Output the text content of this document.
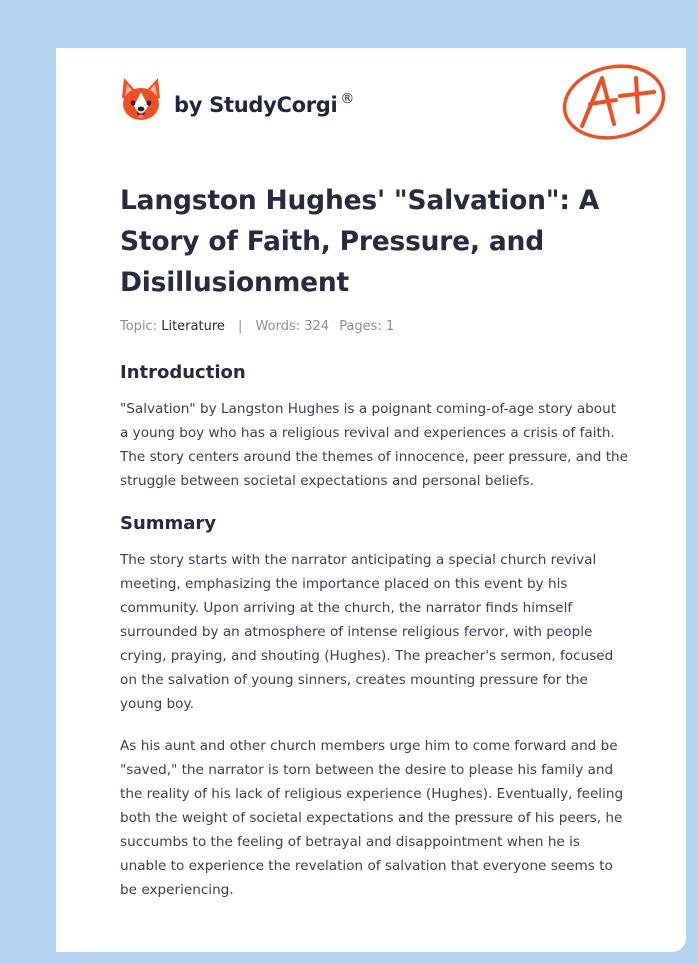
by StudyCorgi ®
Langston Hughes' "Salvation": A Story of Faith, Pressure, and Disillusionment
Topic: Literature | Words: 324 Pages: 1
Introduction

"Salvation" by Langston Hughes is a poignant coming-of-age story about a young boy who has a religious revival and experiences a crisis of faith. The story centers around the themes of innocence, peer pressure, and the struggle between societal expectations and personal beliefs.

Summary

The story starts with the narrator anticipating a special church revival meeting, emphasizing the importance placed on this event by his community. Upon arriving at the church, the narrator finds himself surrounded by an atmosphere of intense religious fervor, with people crying, praying, and shouting (Hughes). The preacher's sermon, focused on the salvation of young sinners, creates mounting pressure for the young boy.

As his aunt and other church members urge him to come forward and be "saved," the narrator is torn between the desire to please his family and the reality of his lack of religious experience (Hughes). Eventually, feeling both the weight of societal expectations and the pressure of his peers, he succumbs to the feeling of betrayal and disappointment when he is unable to experience the revelation of salvation that everyone seems to be experiencing.
